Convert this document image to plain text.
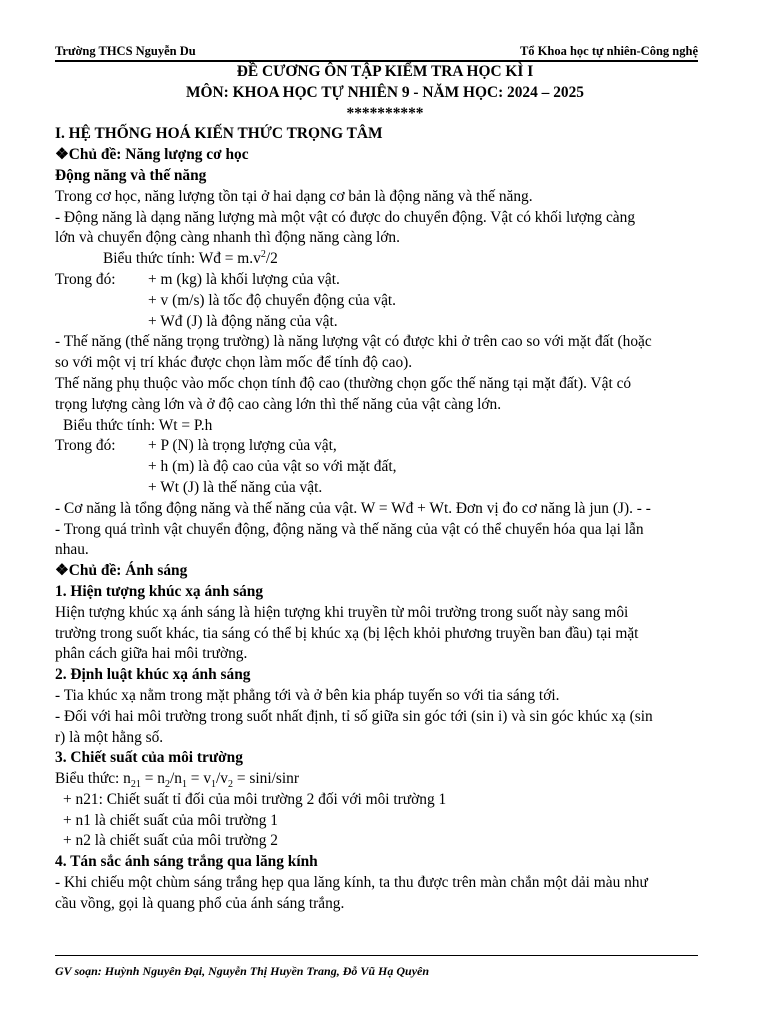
Trường THCS Nguyễn Du	Tổ Khoa học tự nhiên-Công nghệ
ĐỀ CƯƠNG ÔN TẬP KIỂM TRA HỌC KÌ I
MÔN: KHOA HỌC TỰ NHIÊN 9 - NĂM HỌC: 2024 – 2025
**********
I. HỆ THỐNG HOÁ KIẾN THỨC TRỌNG TÂM
❖Chủ đề: Năng lượng cơ học
Động năng và thế năng
Trong cơ học, năng lượng tồn tại ở hai dạng cơ bản là động năng và thế năng.
- Động năng là dạng năng lượng mà một vật có được do chuyển động. Vật có khối lượng càng
lớn và chuyển động càng nhanh thì động năng càng lớn.
Biểu thức tính: Wđ = $m.v^2/2$
Trong đó: + m (kg) là khối lượng của vật.
+ v (m/s) là tốc độ chuyển động của vật.
+ Wđ (J) là động năng của vật.
- Thế năng (thế năng trọng trường) là năng lượng vật có được khi ở trên cao so với mặt đất (hoặc
so với một vị trí khác được chọn làm mốc để tính độ cao).
Thế năng phụ thuộc vào mốc chọn tính độ cao (thường chọn gốc thế năng tại mặt đất). Vật có
trọng lượng càng lớn và ở độ cao càng lớn thì thế năng của vật càng lớn.
Biểu thức tính: Wt = P.h
Trong đó: + P (N) là trọng lượng của vật,
+ h (m) là độ cao của vật so với mặt đất,
+ Wt (J) là thế năng của vật.
- Cơ năng là tổng động năng và thế năng của vật. W = Wđ + Wt. Đơn vị đo cơ năng là jun (J). - -
- Trong quá trình vật chuyển động, động năng và thế năng của vật có thể chuyển hóa qua lại lẫn
nhau.
❖Chủ đề: Ánh sáng
1. Hiện tượng khúc xạ ánh sáng
Hiện tượng khúc xạ ánh sáng là hiện tượng khi truyền từ môi trường trong suốt này sang môi
trường trong suốt khác, tia sáng có thể bị khúc xạ (bị lệch khỏi phương truyền ban đầu) tại mặt
phân cách giữa hai môi trường.
2. Định luật khúc xạ ánh sáng
- Tia khúc xạ nằm trong mặt phẳng tới và ở bên kia pháp tuyến so với tia sáng tới.
- Đối với hai môi trường trong suốt nhất định, tỉ số giữa sin góc tới (sin i) và sin góc khúc xạ (sin
r) là một hằng số.
3. Chiết suất của môi trường
Biểu thức: $n_{21} = n_2/n_1 = v_1/v_2 = \sin i/\sin r$
+ n21: Chiết suất tỉ đối của môi trường 2 đối với môi trường 1
+ n1 là chiết suất của môi trường 1
+ n2 là chiết suất của môi trường 2
4. Tán sắc ánh sáng trắng qua lăng kính
- Khi chiếu một chùm sáng trắng hẹp qua lăng kính, ta thu được trên màn chắn một dải màu như
cầu vồng, gọi là quang phổ của ánh sáng trắng.
GV soạn: Huỳnh Nguyên Đại, Nguyễn Thị Huyền Trang, Đỗ Vũ Hạ Quyên
